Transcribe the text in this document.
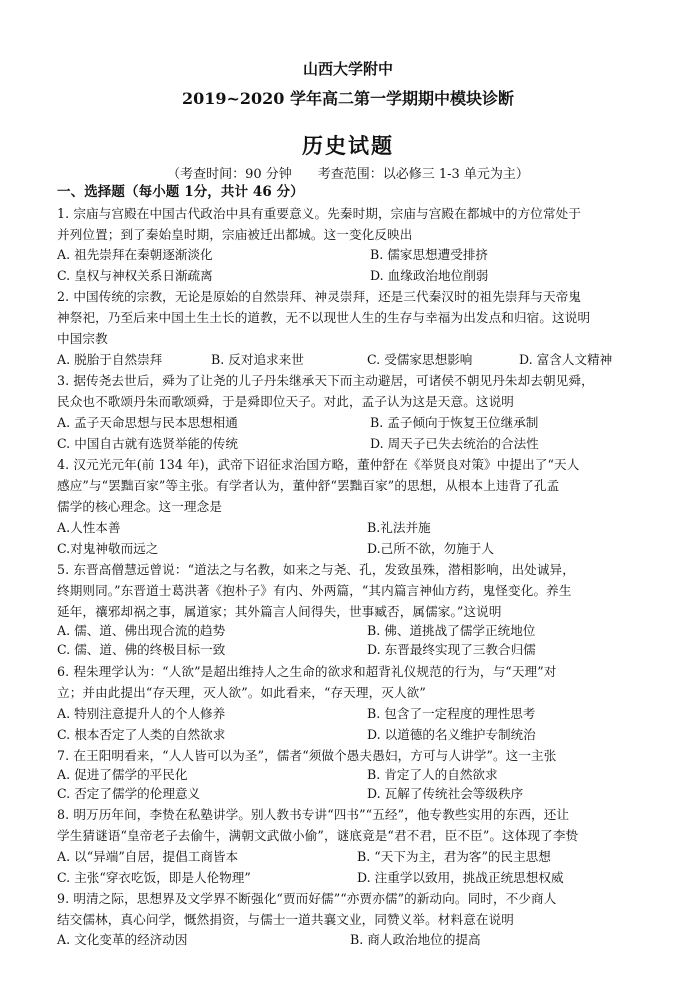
山西大学附中
2019~2020 学年高二第一学期期中模块诊断
历史试题
（考查时间：90 分钟　　考查范围：以必修三 1-3 单元为主）
一、选择题（每小题 1分，共计 46 分）
1. 宗庙与宫殿在中国古代政治中具有重要意义。先秦时期，宗庙与宫殿在都城中的方位常处于
并列位置；到了秦始皇时期，宗庙被迁出都城。这一变化反映出
A. 祖先崇拜在秦朝逐渐淡化	B. 儒家思想遭受排挤
C. 皇权与神权关系日渐疏离	D. 血缘政治地位削弱
2. 中国传统的宗教，无论是原始的自然崇拜、神灵崇拜，还是三代秦汉时的祖先崇拜与天帝鬼
神祭祀，乃至后来中国土生土长的道教，无不以现世人生的生存与幸福为出发点和归宿。这说明
中国宗教
A. 脱胎于自然崇拜	B. 反对追求来世	C. 受儒家思想影响	D. 富含人文精神
3. 据传尧去世后，舜为了让尧的儿子丹朱继承天下而主动避居，可诸侯不朝见丹朱却去朝见舜，
民众也不歌颂丹朱而歌颂舜，于是舜即位天子。对此，孟子认为这是天意。这说明
A. 孟子天命思想与民本思想相通	B. 孟子倾向于恢复王位继承制
C. 中国自古就有选贤举能的传统	D. 周天子已失去统治的合法性
4. 汉元光元年(前 134 年)，武帝下诏征求治国方略，董仲舒在《举贤良对策》中提出了“天人
感应”与“罢黜百家”等主张。有学者认为，董仲舒“罢黜百家”的思想，从根本上违背了孔孟
儒学的核心理念。这一理念是
A.人性本善	B.礼法并施
C.对鬼神敬而远之	D.己所不欲，勿施于人
5. 东晋高僧慧远曾说：“道法之与名教，如来之与尧、孔，发致虽殊，潜相影响，出处诚异，
终期则同。”东晋道士葛洪著《抱朴子》有内、外两篇，“其内篇言神仙方药，鬼怪变化。养生
延年，禳邪却祸之事，属道家；其外篇言人间得失，世事臧否，属儒家。”这说明
A. 儒、道、佛出现合流的趋势	B. 佛、道挑战了儒学正统地位
C. 儒、道、佛的终极目标一致	D. 东晋最终实现了三教合归儒
6. 程朱理学认为：“人欲”是超出维持人之生命的欲求和超背礼仪规范的行为，与“天理”对
立；并由此提出“存天理，灭人欲”。如此看来，“存天理，灭人欲”
A. 特别注意提升人的个人修养	B. 包含了一定程度的理性思考
C. 根本否定了人类的自然欲求	D. 以道德的名义维护专制统治
7. 在王阳明看来，“人人皆可以为圣”，儒者“须做个愚夫愚妇，方可与人讲学”。这一主张
A. 促进了儒学的平民化	B. 肯定了人的自然欲求
C. 否定了儒学的伦理意义	D. 瓦解了传统社会等级秩序
8. 明万历年间，李贽在私塾讲学。别人教书专讲“四书”“五经”，他专教些实用的东西，还让
学生猜谜语“皇帝老子去偷牛，满朝文武做小偷”，谜底竟是“君不君，臣不臣”。这体现了李贽
A. 以“异端”自居，提倡工商皆本	B. “天下为主，君为客”的民主思想
C. 主张“穿衣吃饭，即是人伦物理”	D. 注重学以致用，挑战正统思想权威
9. 明清之际，思想界及文学界不断强化“贾而好儒”“亦贾亦儒”的新动向。同时，不少商人
结交儒林，真心问学，慨然捐资，与儒士一道共襄文业，同赞义举。材料意在说明
A. 文化变革的经济动因	B. 商人政治地位的提高
